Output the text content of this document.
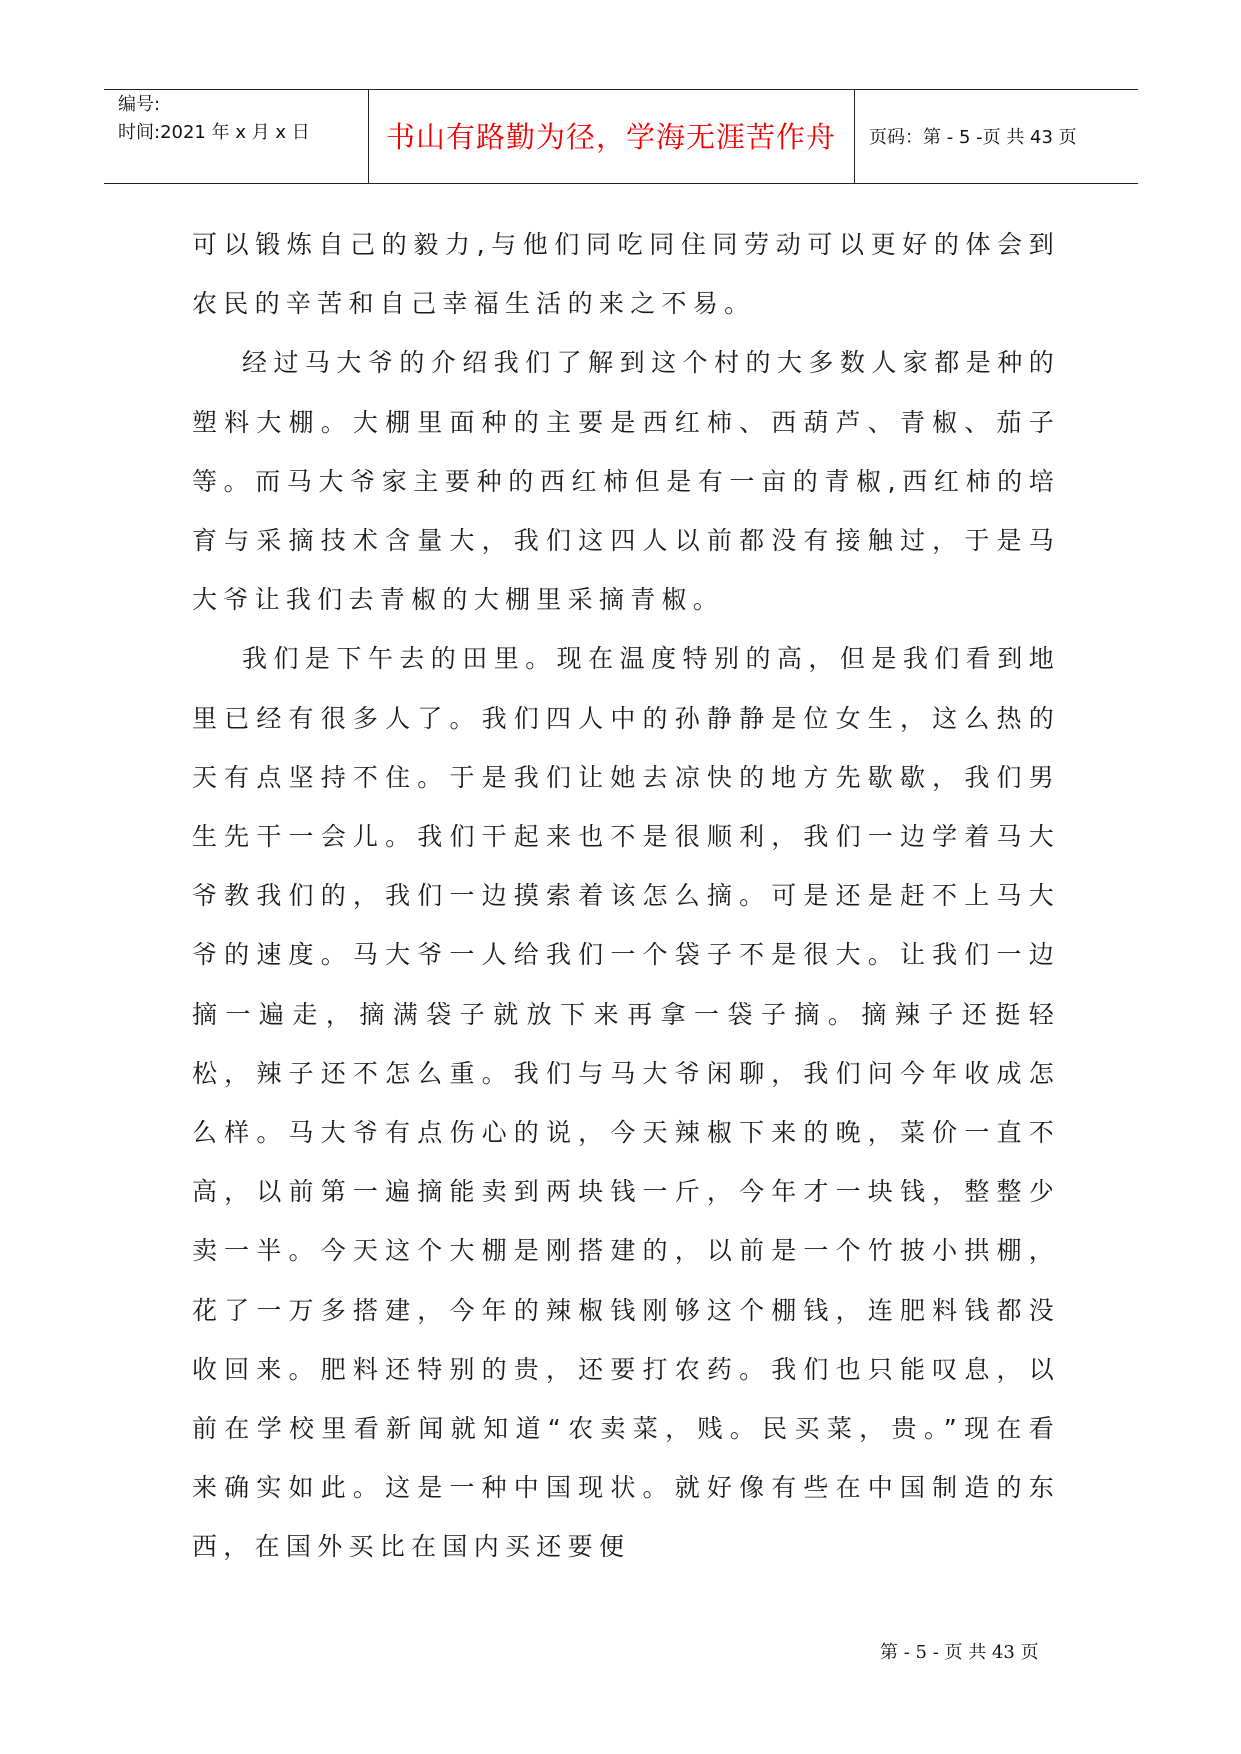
编号:
时间:2021 年 x 月 x 日	书山有路勤为径，学海无涯苦作舟	页码：第 - 5 -页 共 43 页

可以锻炼自己的毅力,与他们同吃同住同劳动可以更好的体会到农民的辛苦和自己幸福生活的来之不易。

经过马大爷的介绍我们了解到这个村的大多数人家都是种的塑料大棚。大棚里面种的主要是西红柿、西葫芦、青椒、茄子等。而马大爷家主要种的西红柿但是有一亩的青椒,西红柿的培育与采摘技术含量大，我们这四人以前都没有接触过，于是马大爷让我们去青椒的大棚里采摘青椒。

我们是下午去的田里。现在温度特别的高，但是我们看到地里已经有很多人了。我们四人中的孙静静是位女生，这么热的天有点坚持不住。于是我们让她去凉快的地方先歇歇，我们男生先干一会儿。我们干起来也不是很顺利，我们一边学着马大爷教我们的，我们一边摸索着该怎么摘。可是还是赶不上马大爷的速度。马大爷一人给我们一个袋子不是很大。让我们一边摘一遍走，摘满袋子就放下来再拿一袋子摘。摘辣子还挺轻松，辣子还不怎么重。我们与马大爷闲聊，我们问今年收成怎么样。马大爷有点伤心的说，今天辣椒下来的晚，菜价一直不高，以前第一遍摘能卖到两块钱一斤，今年才一块钱，整整少卖一半。今天这个大棚是刚搭建的，以前是一个竹披小拱棚，花了一万多搭建，今年的辣椒钱刚够这个棚钱，连肥料钱都没收回来。肥料还特别的贵，还要打农药。我们也只能叹息，以前在学校里看新闻就知道“农卖菜，贱。民买菜，贵。”现在看来确实如此。这是一种中国现状。就好像有些在中国制造的东西，在国外买比在国内买还要便

第 - 5 - 页 共 43 页
